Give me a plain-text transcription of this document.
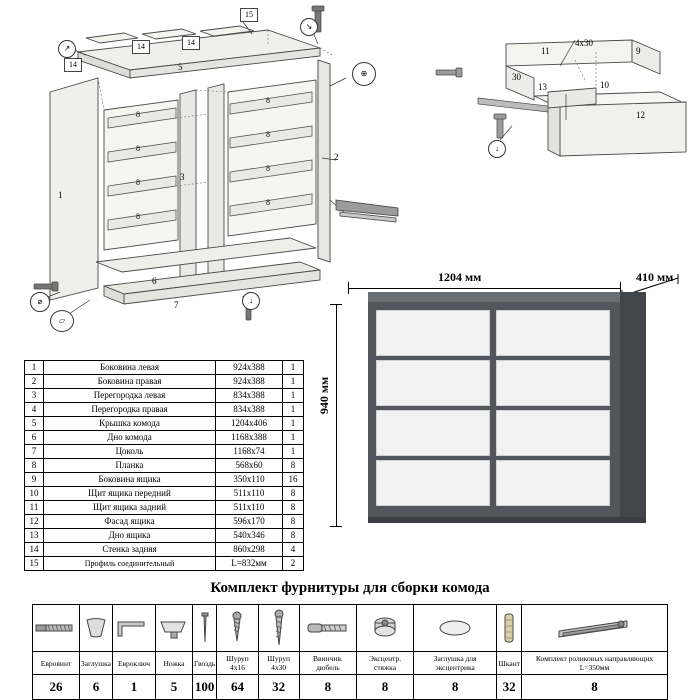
15
14
14	14
5
1
3
2
6
7
8
8
8
8
8
8
8
8
↗
↘
⊕
⌀
▱
↓
11
4х30
9
30
13	10
12
↓
1	Боковина левая	924х388	1
2	Боковина правая	924х388	1
3	Перегородка левая	834х388	1
4	Перегородка правая	834х388	1
5	Крышка комода	1204х406	1
6	Дно комода	1168х388	1
7	Цоколь	1168х74	1
8	Планка	568х60	8
9	Боковина ящика	350х110	16
10	Щит ящика передний	511х110	8
11	Щит ящика задний	511х110	8
12	Фасад ящика	596х170	8
13	Дно ящика	540х346	8
14	Стенка задняя	860х298	4
15	Профиль соединительный	L=832мм	2
1204 мм	410 мм
940 мм
Комплект фурнитуры для сборки комода

Евровинт	Заглушка	Евроключ	Ножка	Гвоздь	Шуруп 4х16	Шуруп 4х30	Ввинчив. дюбель	Эксцентр. стяжка	Заглушка для эксцентрика	Шкант	Комплект роликовых направляющих L=350мм
26	6	1	5	100	64	32	8	8	8	32	8
